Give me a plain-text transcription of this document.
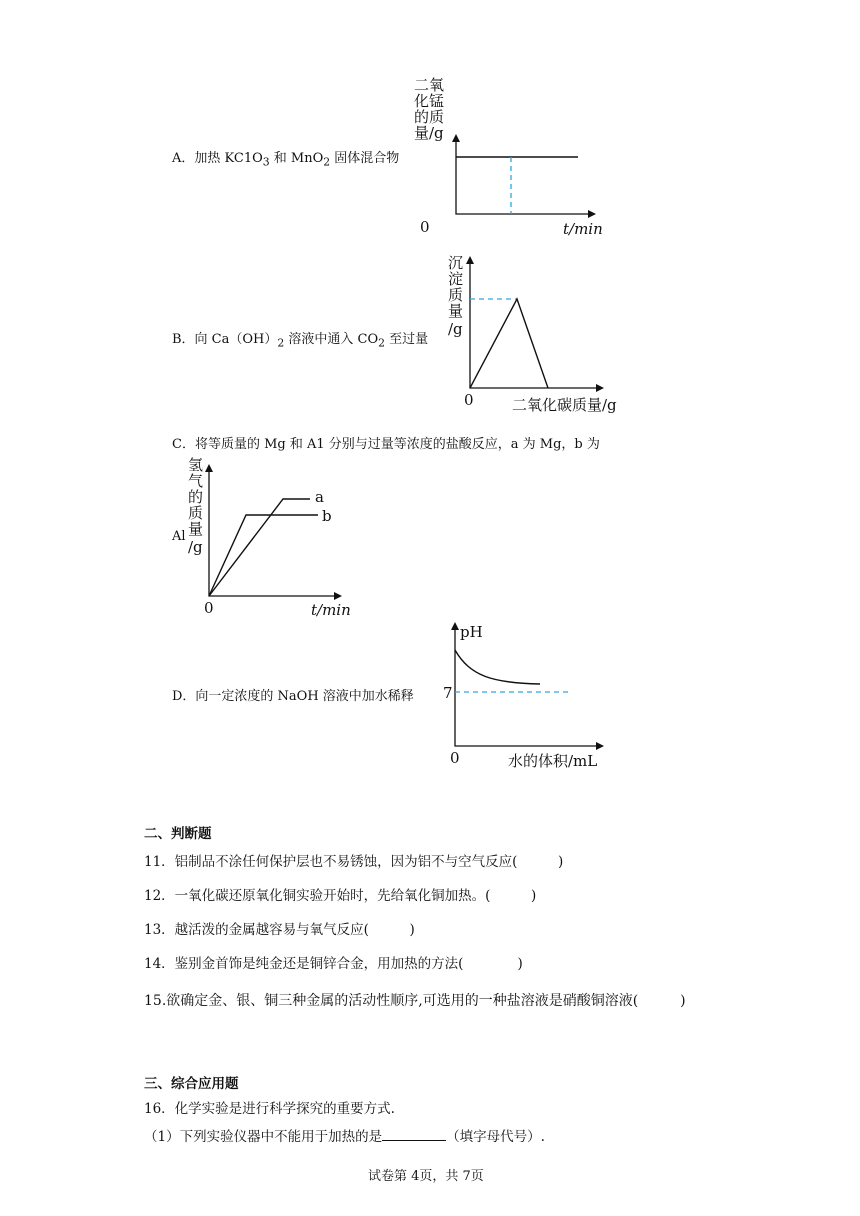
A．加热 $KC1O_3$ 和 MnO$_2$ 固体混合物
二氧
化锰
的质
量/g
0	t/min
B．向 $Ca(OH)_2$ 溶液中通入 $CO_2$ 至过量
沉
淀
质
量
/g
0	二氧化碳质量/g
C．将等质量的 Mg 和 A1 分别与过量等浓度的盐酸反应，a 为 Mg，b 为
Al
氢
气
的
质
量
/g
a
b
0	t/min
D．向一定浓度的 NaOH 溶液中加水稀释
pH
7
0	水的体积/mL
二、判断题
11．铝制品不涂任何保护层也不易锈蚀，因为铝不与空气反应(　　　)
12．一氧化碳还原氧化铜实验开始时，先给氧化铜加热。(　　　)
13．越活泼的金属越容易与氧气反应(　　　)
14．鉴别金首饰是纯金还是铜锌合金，用加热的方法(　　　　)
15.欲确定金、银、铜三种金属的活动性顺序,可选用的一种盐溶液是硝酸铜溶液(　　　)
三、综合应用题
16．化学实验是进行科学探究的重要方式.
（1）下列实验仪器中不能用于加热的是	（填字母代号）.
试卷第 4页，共 7页
